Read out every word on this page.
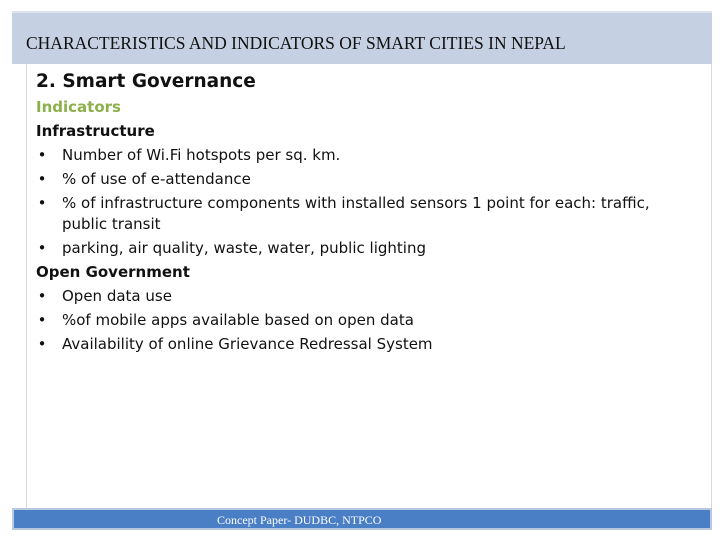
CHARACTERISTICS AND INDICATORS OF SMART CITIES IN NEPAL

2. Smart Governance

Indicators

Infrastructure

• Number of Wi.Fi hotspots per sq. km.
• % of use of e-attendance
• % of infrastructure components with installed sensors 1 point for each: traffic,
public transit
• parking, air quality, waste, water, public lighting

Open Government

• Open data use
• %of mobile apps available based on open data
• Availability of online Grievance Redressal System
Concept Paper- DUDBC, NTPCO
